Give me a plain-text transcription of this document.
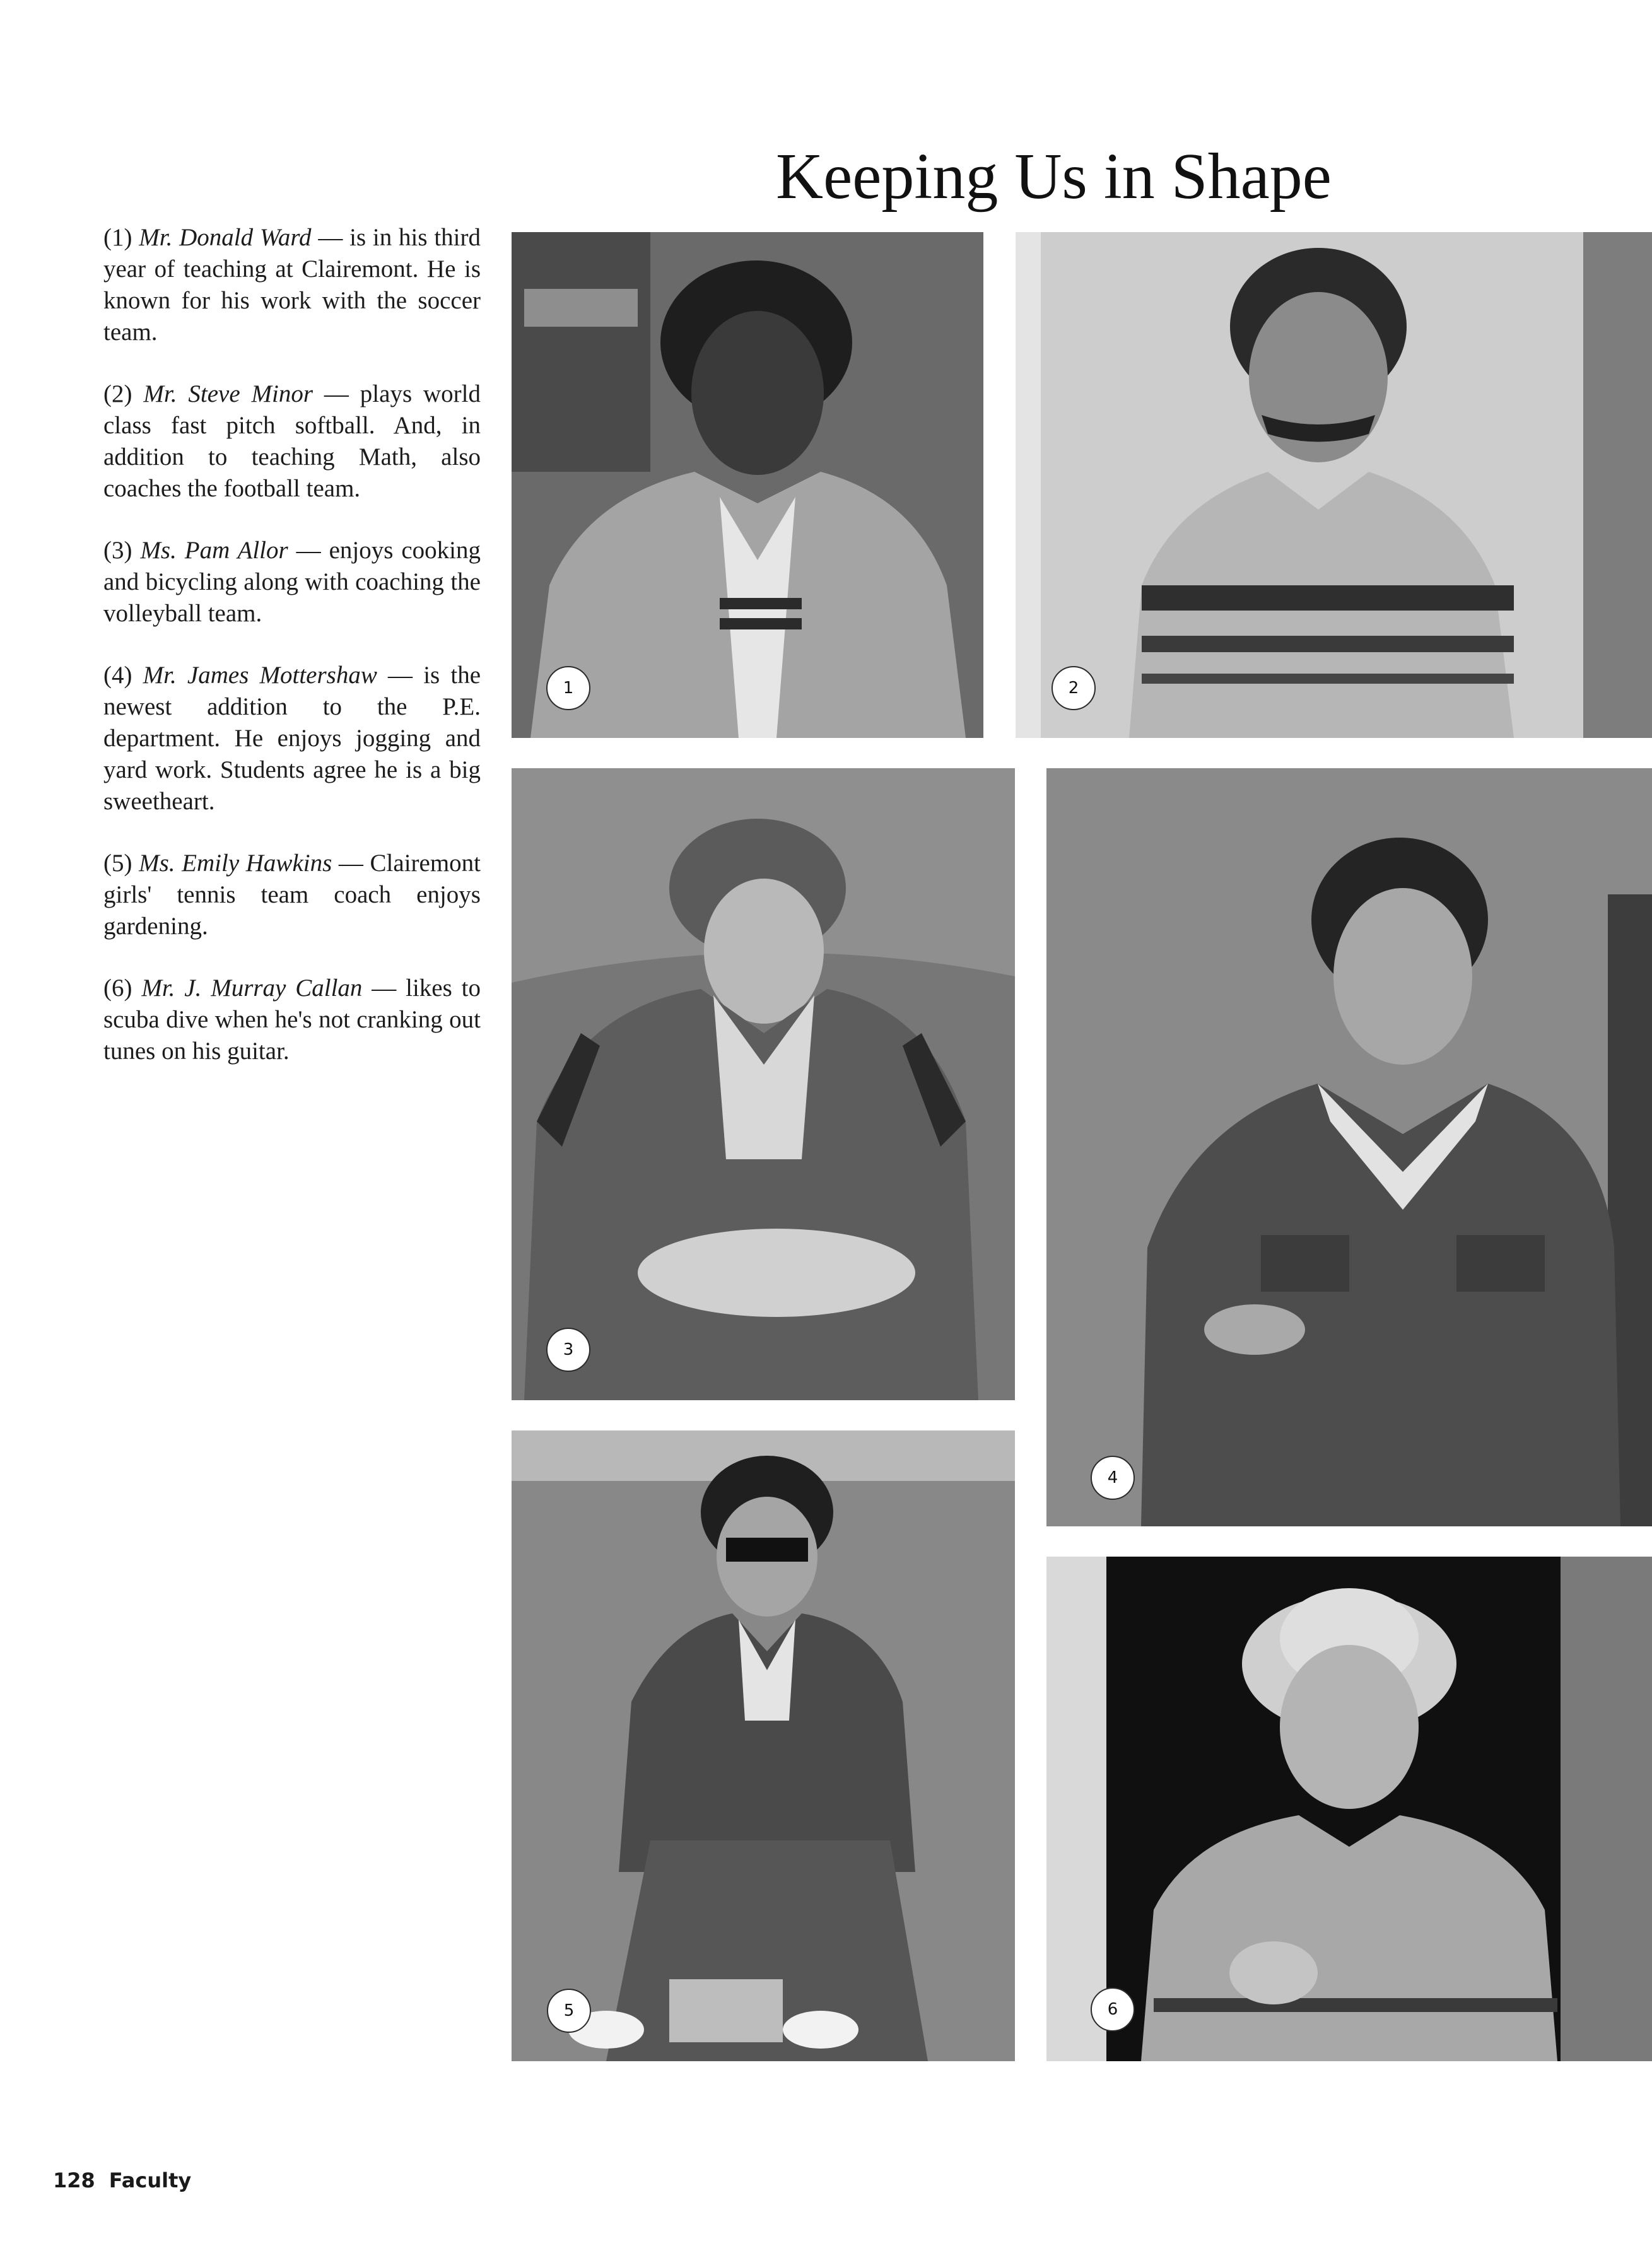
Keeping Us in Shape

(1) Mr. Donald Ward — is in his third year of teaching at Clairemont. He is known for his work with the soccer team.

(2) Mr. Steve Minor — plays world class fast pitch softball. And, in addition to teaching Math, also coaches the football team.

(3) Ms. Pam Allor — enjoys cooking and bicycling along with coaching the volleyball team.

(4) Mr. James Mottershaw — is the newest addition to the P.E. department. He enjoys jogging and yard work. Students agree he is a big sweetheart.

(5) Ms. Emily Hawkins — Clairemont girls' tennis team coach enjoys gardening.

(6) Mr. J. Murray Callan — likes to scuba dive when he's not cranking out tunes on his guitar.

1	2
3
4
5	6
128 Faculty
